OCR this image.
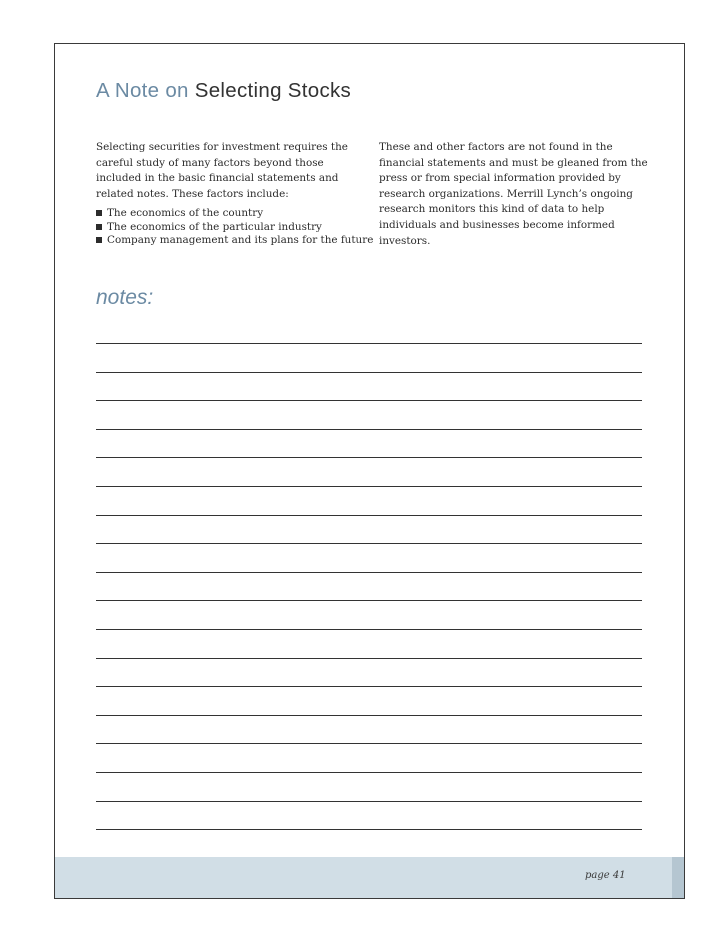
A Note on Selecting Stocks

Selecting securities for investment requires the careful study of many factors beyond those included in the basic financial statements and related notes. These factors include:

The economics of the country
The economics of the particular industry
Company management and its plans for the future

These and other factors are not found in the financial statements and must be gleaned from the press or from special information provided by research organizations. Merrill Lynch’s ongoing research monitors this kind of data to help individuals and businesses become informed investors.

notes:

page 41
